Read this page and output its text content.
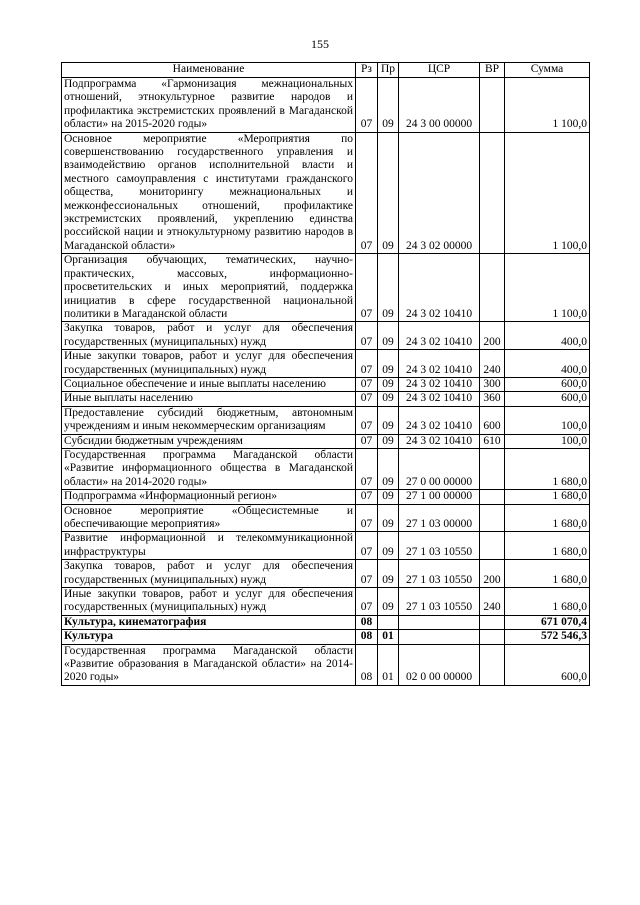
155
Наименование	Рз	Пр	ЦСР	ВР	Сумма
Подпрограмма «Гармонизация межнациональных отношений, этнокультурное развитие народов и профилактика экстремистских проявлений в Магаданской области» на 2015-2020 годы»	07	09	24 3 00 00000		1 100,0
Основное мероприятие «Мероприятия по совершенствованию государственного управления и взаимодействию органов исполнительной власти и местного самоуправления с институтами гражданского общества, мониторингу межнациональных и межконфессиональных отношений, профилактике экстремистских проявлений, укреплению единства российской нации и этнокультурному развитию народов в Магаданской области»	07	09	24 3 02 00000		1 100,0
Организация обучающих, тематических, научно-практических, массовых, информационно-просветительских и иных мероприятий, поддержка инициатив в сфере государственной национальной политики в Магаданской области	07	09	24 3 02 10410		1 100,0
Закупка товаров, работ и услуг для обеспечения государственных (муниципальных) нужд	07	09	24 3 02 10410	200	400,0
Иные закупки товаров, работ и услуг для обеспечения государственных (муниципальных) нужд	07	09	24 3 02 10410	240	400,0
Социальное обеспечение и иные выплаты населению	07	09	24 3 02 10410	300	600,0
Иные выплаты населению	07	09	24 3 02 10410	360	600,0
Предоставление субсидий бюджетным, автономным учреждениям и иным некоммерческим организациям	07	09	24 3 02 10410	600	100,0
Субсидии бюджетным учреждениям	07	09	24 3 02 10410	610	100,0
Государственная программа Магаданской области «Развитие информационного общества в Магаданской области» на 2014-2020 годы»	07	09	27 0 00 00000		1 680,0
Подпрограмма «Информационный регион»	07	09	27 1 00 00000		1 680,0
Основное мероприятие «Общесистемные и обеспечивающие мероприятия»	07	09	27 1 03 00000		1 680,0
Развитие информационной и телекоммуникационной инфраструктуры	07	09	27 1 03 10550		1 680,0
Закупка товаров, работ и услуг для обеспечения государственных (муниципальных) нужд	07	09	27 1 03 10550	200	1 680,0
Иные закупки товаров, работ и услуг для обеспечения государственных (муниципальных) нужд	07	09	27 1 03 10550	240	1 680,0
Культура, кинематография	08				671 070,4
Культура	08	01			572 546,3
Государственная программа Магаданской области «Развитие образования в Магаданской области» на 2014-2020 годы»	08	01	02 0 00 00000		600,0
